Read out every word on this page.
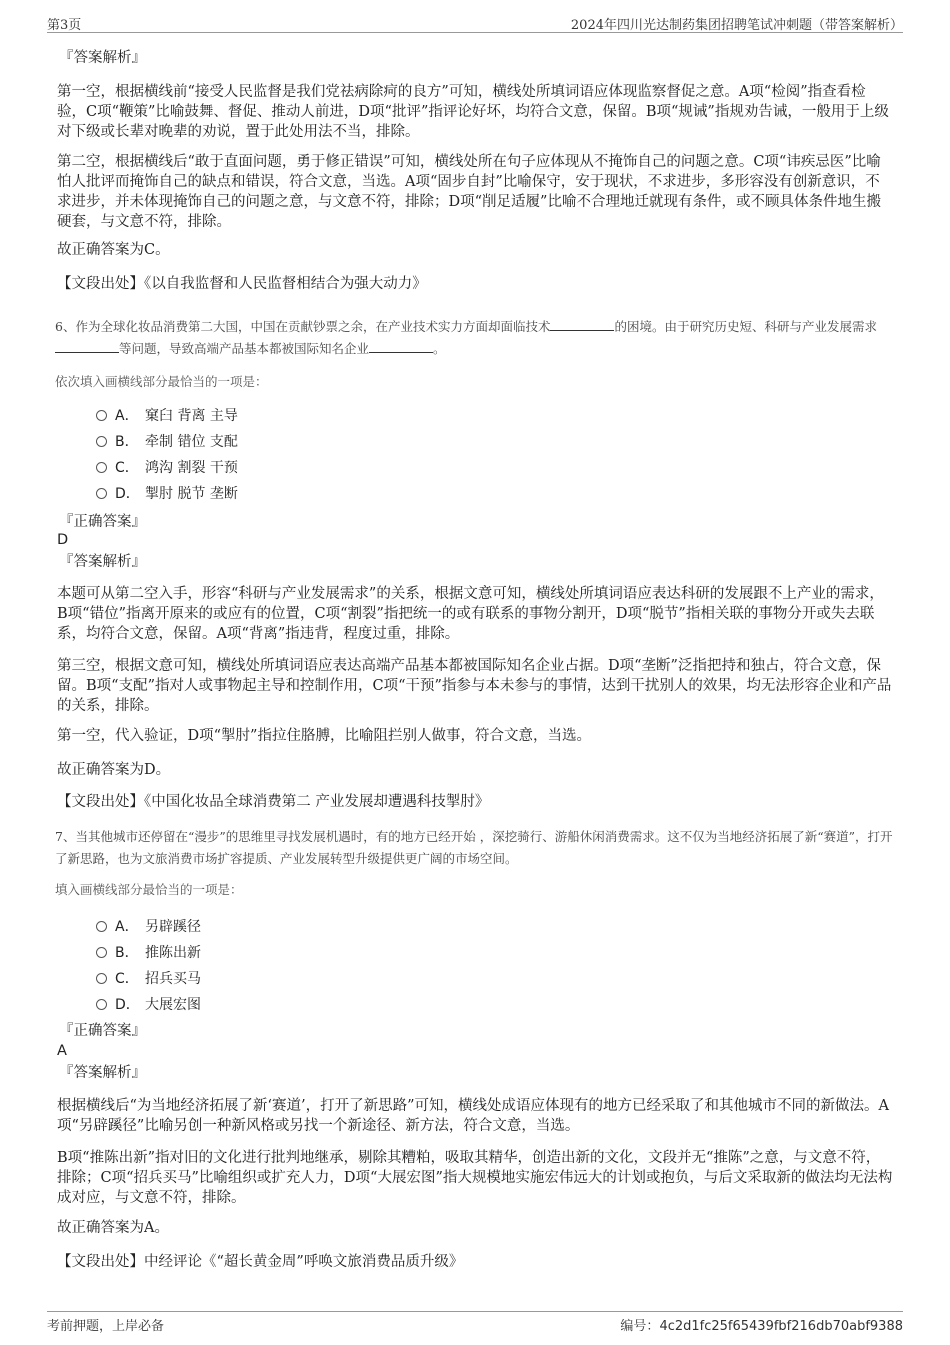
第3页	2024年四川光达制药集团招聘笔试冲刺题（带答案解析）
『答案解析』

第一空，根据横线前“接受人民监督是我们党祛病除疴的良方”可知，横线处所填词语应体现监察督促之意。A项“检阅”指查看检验，C项“鞭策”比喻鼓舞、督促、推动人前进，D项“批评”指评论好坏，均符合文意，保留。B项“规诫”指规劝告诫，一般用于上级对下级或长辈对晚辈的劝说，置于此处用法不当，排除。

第二空，根据横线后“敢于直面问题，勇于修正错误”可知，横线处所在句子应体现从不掩饰自己的问题之意。C项“讳疾忌医”比喻怕人批评而掩饰自己的缺点和错误，符合文意，当选。A项“固步自封”比喻保守，安于现状，不求进步，多形容没有创新意识，不求进步，并未体现掩饰自己的问题之意，与文意不符，排除；D项“削足适履”比喻不合理地迁就现有条件，或不顾具体条件地生搬硬套，与文意不符，排除。

故正确答案为C。

【文段出处】《以自我监督和人民监督相结合为强大动力》

6、作为全球化妆品消费第二大国，中国在贡献钞票之余，在产业技术实力方面却面临技术	的困境。由于研究历史短、科研与产业发展需求等问题，导致高端产品基本都被国际知名企业	。

依次填入画横线部分最恰当的一项是：
A． 窠臼 背离 主导
B． 牵制 错位 支配
C． 鸿沟 割裂 干预
D． 掣肘 脱节 垄断
『正确答案』
D
『答案解析』

本题可从第二空入手，形容“科研与产业发展需求”的关系，根据文意可知，横线处所填词语应表达科研的发展跟不上产业的需求，B项“错位”指离开原来的或应有的位置，C项“割裂”指把统一的或有联系的事物分割开，D项“脱节”指相关联的事物分开或失去联系，均符合文意，保留。A项“背离”指违背，程度过重，排除。

第三空，根据文意可知，横线处所填词语应表达高端产品基本都被国际知名企业占据。D项“垄断”泛指把持和独占，符合文意，保留。B项“支配”指对人或事物起主导和控制作用，C项“干预”指参与本未参与的事情，达到干扰别人的效果，均无法形容企业和产品的关系，排除。

第一空，代入验证，D项“掣肘”指拉住胳膊，比喻阻拦别人做事，符合文意，当选。

故正确答案为D。

【文段出处】《中国化妆品全球消费第二 产业发展却遭遇科技掣肘》

7、当其他城市还停留在“漫步”的思维里寻找发展机遇时，有的地方已经开始 ，深挖骑行、游船休闲消费需求。这不仅为当地经济拓展了新“赛道”，打开了新思路，也为文旅消费市场扩容提质、产业发展转型升级提供更广阔的市场空间。

填入画横线部分最恰当的一项是：
A． 另辟蹊径
B． 推陈出新
C． 招兵买马
D． 大展宏图
『正确答案』
A
『答案解析』

根据横线后“为当地经济拓展了新‘赛道’，打开了新思路”可知，横线处成语应体现有的地方已经采取了和其他城市不同的新做法。A项“另辟蹊径”比喻另创一种新风格或另找一个新途径、新方法，符合文意，当选。

B项“推陈出新”指对旧的文化进行批判地继承，剔除其糟粕，吸取其精华，创造出新的文化，文段并无“推陈”之意，与文意不符，排除；C项“招兵买马”比喻组织或扩充人力，D项“大展宏图”指大规模地实施宏伟远大的计划或抱负，与后文采取新的做法均无法构成对应，与文意不符，排除。

故正确答案为A。

【文段出处】中经评论《“超长黄金周”呼唤文旅消费品质升级》

考前押题，上岸必备	编号：4c2d1fc25f65439fbf216db70abf9388
